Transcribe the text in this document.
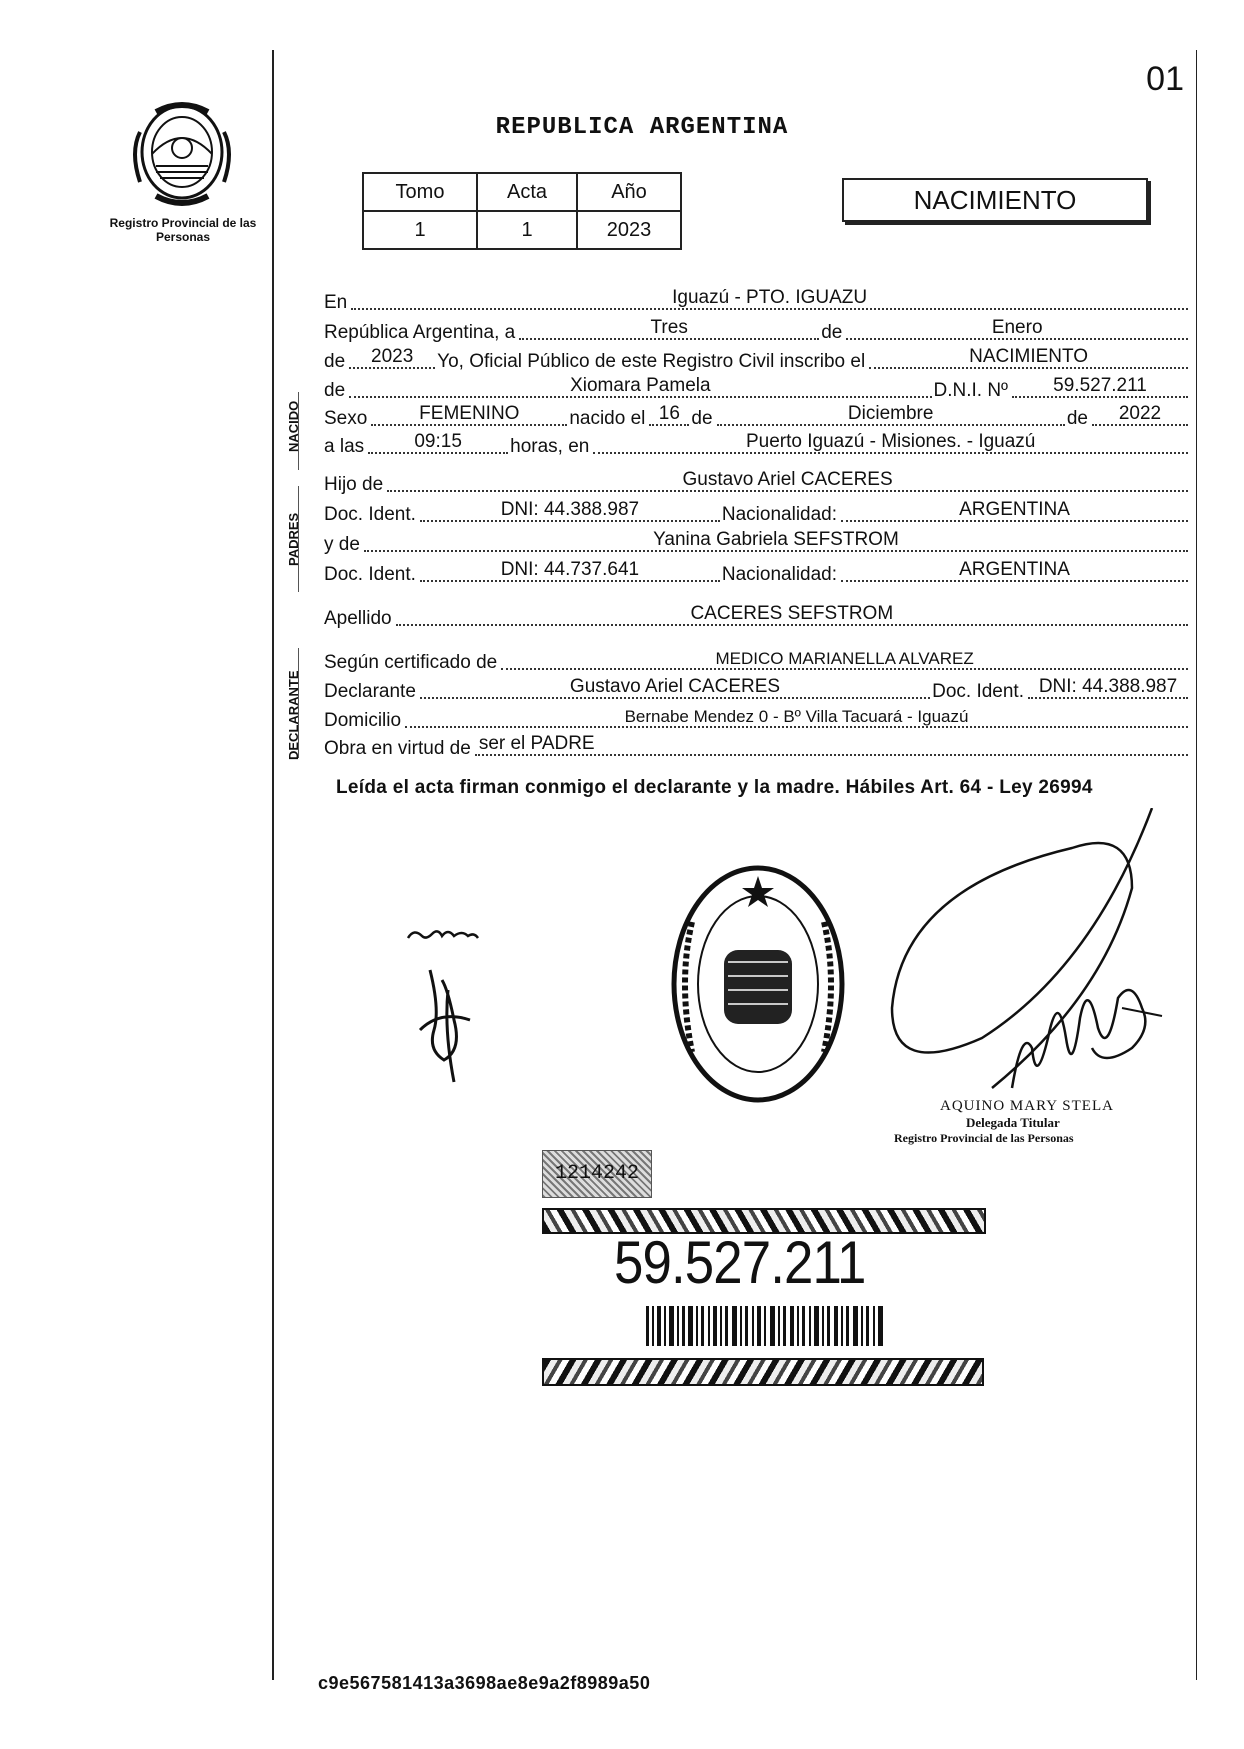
Registro Provincial de las Personas
01
REPUBLICA ARGENTINA
Tomo	Acta	Año
1	1	2023
NACIMIENTO
En	Iguazú - PTO. IGUAZU
República Argentina, a	Tres	de	Enero
de	2023	Yo, Oficial Público de este Registro Civil inscribo el	NACIMIENTO
NACIDO
de	Xiomara Pamela	D.N.I. Nº	59.527.211
Sexo	FEMENINO	nacido el 16 de	Diciembre	de	2022
a las	09:15	horas, en	Puerto Iguazú - Misiones. - Iguazú
PADRES
Hijo de	Gustavo Ariel CACERES
Doc. Ident.	DNI: 44.388.987	Nacionalidad:	ARGENTINA
y de	Yanina Gabriela SEFSTROM
Doc. Ident.	DNI: 44.737.641	Nacionalidad:	ARGENTINA
Apellido	CACERES SEFSTROM
DECLARANTE
Según certificado de	MEDICO MARIANELLA ALVAREZ
Declarante	Gustavo Ariel CACERES	Doc. Ident. DNI: 44.388.987
Domicilio	Bernabe Mendez 0 - Bº Villa Tacuará - Iguazú
Obra en virtud de ser el PADRE
Leída el acta firman conmigo el declarante y la madre. Hábiles Art. 64 - Ley 26994
AQUINO MARY STELA
Delegada Titular
Registro Provincial de las Personas
1214242
59.527.211
c9e567581413a3698ae8e9a2f8989a50
